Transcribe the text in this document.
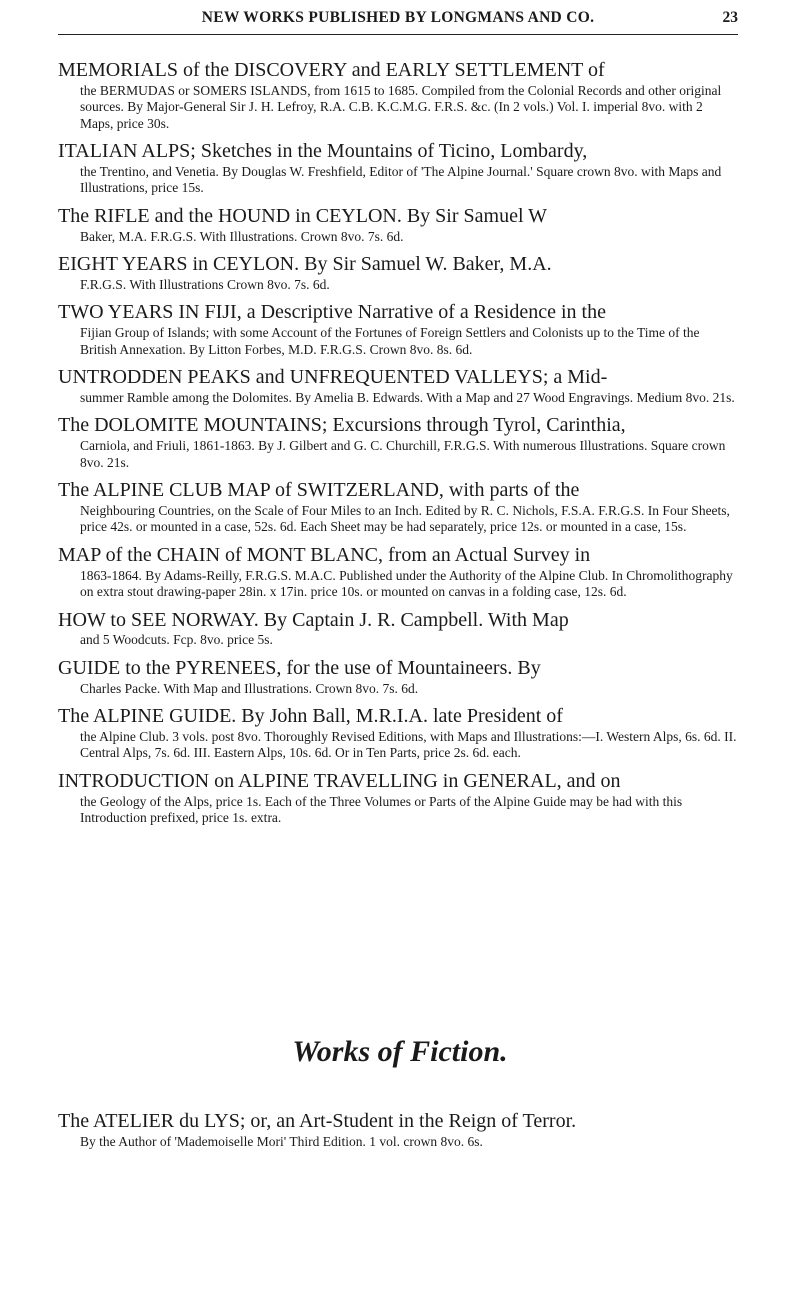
NEW WORKS PUBLISHED BY LONGMANS AND CO.	23
MEMORIALS of the DISCOVERY and EARLY SETTLEMENT of
the BERMUDAS or SOMERS ISLANDS, from 1615 to 1685. Compiled from the Colonial Records and other original sources. By Major-General Sir J. H. Lefroy, R.A. C.B. K.C.M.G. F.R.S. &c. (In 2 vols.) Vol. I. imperial 8vo. with 2 Maps, price 30s.
ITALIAN ALPS; Sketches in the Mountains of Ticino, Lombardy,
the Trentino, and Venetia. By Douglas W. Freshfield, Editor of 'The Alpine Journal.' Square crown 8vo. with Maps and Illustrations, price 15s.
The RIFLE and the HOUND in CEYLON. By Sir Samuel W
Baker, M.A. F.R.G.S. With Illustrations. Crown 8vo. 7s. 6d.
EIGHT YEARS in CEYLON. By Sir Samuel W. Baker, M.A.
F.R.G.S. With Illustrations Crown 8vo. 7s. 6d.
TWO YEARS IN FIJI, a Descriptive Narrative of a Residence in the
Fijian Group of Islands; with some Account of the Fortunes of Foreign Settlers and Colonists up to the Time of the British Annexation. By Litton Forbes, M.D. F.R.G.S. Crown 8vo. 8s. 6d.
UNTRODDEN PEAKS and UNFREQUENTED VALLEYS; a Mid-
summer Ramble among the Dolomites. By Amelia B. Edwards. With a Map and 27 Wood Engravings. Medium 8vo. 21s.
The DOLOMITE MOUNTAINS; Excursions through Tyrol, Carinthia,
Carniola, and Friuli, 1861-1863. By J. Gilbert and G. C. Churchill, F.R.G.S. With numerous Illustrations. Square crown 8vo. 21s.
The ALPINE CLUB MAP of SWITZERLAND, with parts of the
Neighbouring Countries, on the Scale of Four Miles to an Inch. Edited by R. C. Nichols, F.S.A. F.R.G.S. In Four Sheets, price 42s. or mounted in a case, 52s. 6d. Each Sheet may be had separately, price 12s. or mounted in a case, 15s.
MAP of the CHAIN of MONT BLANC, from an Actual Survey in
1863-1864. By Adams-Reilly, F.R.G.S. M.A.C. Published under the Authority of the Alpine Club. In Chromolithography on extra stout drawing-paper 28in. x 17in. price 10s. or mounted on canvas in a folding case, 12s. 6d.
HOW to SEE NORWAY. By Captain J. R. Campbell. With Map
and 5 Woodcuts. Fcp. 8vo. price 5s.
GUIDE to the PYRENEES, for the use of Mountaineers. By
Charles Packe. With Map and Illustrations. Crown 8vo. 7s. 6d.
The ALPINE GUIDE. By John Ball, M.R.I.A. late President of
the Alpine Club. 3 vols. post 8vo. Thoroughly Revised Editions, with Maps and Illustrations:—I. Western Alps, 6s. 6d. II. Central Alps, 7s. 6d. III. Eastern Alps, 10s. 6d. Or in Ten Parts, price 2s. 6d. each.
INTRODUCTION on ALPINE TRAVELLING in GENERAL, and on
the Geology of the Alps, price 1s. Each of the Three Volumes or Parts of the Alpine Guide may be had with this Introduction prefixed, price 1s. extra.
Works of Fiction.
The ATELIER du LYS; or, an Art-Student in the Reign of Terror.
By the Author of 'Mademoiselle Mori' Third Edition. 1 vol. crown 8vo. 6s.
